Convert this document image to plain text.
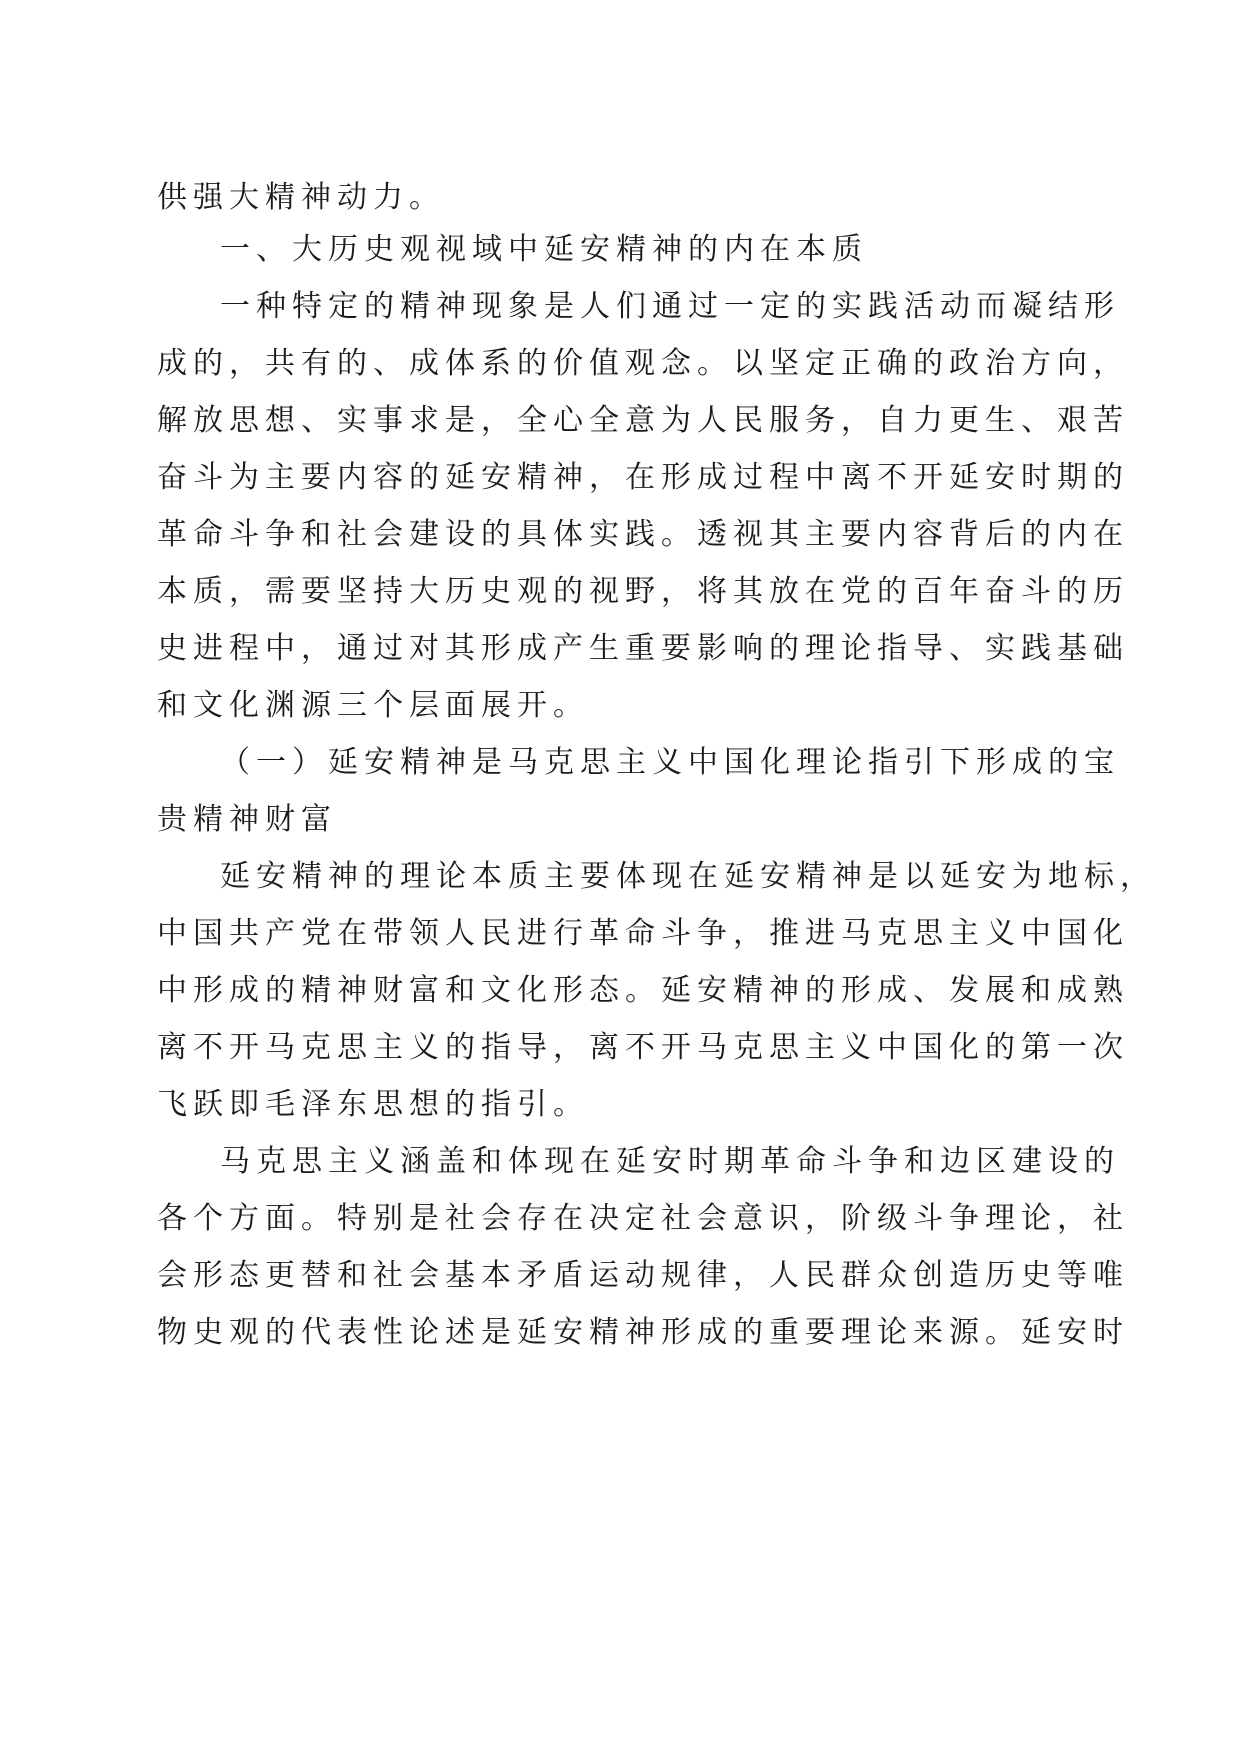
供强大精神动力。
一、大历史观视域中延安精神的内在本质
一种特定的精神现象是人们通过一定的实践活动而凝结形
成的，共有的、成体系的价值观念。以坚定正确的政治方向，
解放思想、实事求是，全心全意为人民服务，自力更生、艰苦
奋斗为主要内容的延安精神，在形成过程中离不开延安时期的
革命斗争和社会建设的具体实践。透视其主要内容背后的内在
本质，需要坚持大历史观的视野，将其放在党的百年奋斗的历
史进程中，通过对其形成产生重要影响的理论指导、实践基础
和文化渊源三个层面展开。
（一）延安精神是马克思主义中国化理论指引下形成的宝
贵精神财富
延安精神的理论本质主要体现在延安精神是以延安为地标，
中国共产党在带领人民进行革命斗争，推进马克思主义中国化
中形成的精神财富和文化形态。延安精神的形成、发展和成熟
离不开马克思主义的指导，离不开马克思主义中国化的第一次
飞跃即毛泽东思想的指引。
马克思主义涵盖和体现在延安时期革命斗争和边区建设的
各个方面。特别是社会存在决定社会意识，阶级斗争理论，社
会形态更替和社会基本矛盾运动规律，人民群众创造历史等唯
物史观的代表性论述是延安精神形成的重要理论来源。延安时
